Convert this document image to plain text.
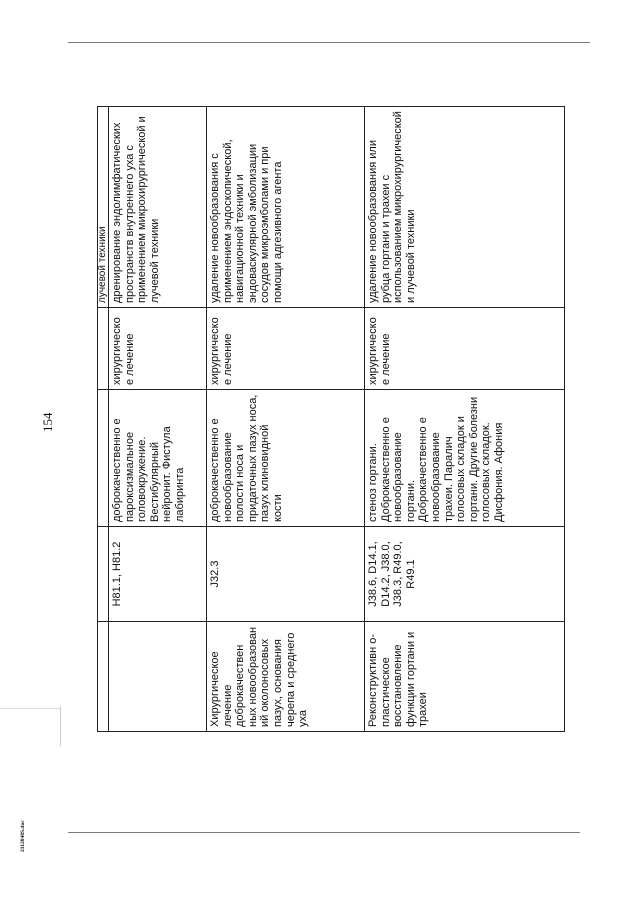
154
2112848S.doc
				лучевой техники
	H81.1, H81.2	доброкачественно е пароксизмальное головокружение. Вестибулярный нейронит. Фистула лабиринта	хирургическое лечение	дренирование эндолимфатических пространств внутреннего уха с применением микрохирургической и лучевой техники
Хирургическое лечение доброкачествен ных новообразован ий околоносовых пазух, основания черепа и среднего уха	J32.3	доброкачественно е новообразование полости носа и придаточных пазух носа, пазух клиновидной кости	хирургическое лечение	удаление новообразования с применением эндоскопической, навигационной техники и эндоваскулярной эмболизации сосудов микроэмболами и при помощи адгезивного агента
Реконструктивн о-пластическое восстановление функции гортани и трахеи	J38.6, D14.1, D14.2, J38.0, J38.3, R49.0, R49.1	стеноз гортани. Доброкачественно е новообразование гортани. Доброкачественно е новообразование трахеи. Паралич голосовых складок и гортани. Другие болезни голосовых складок. Дисфония. Афония	хирургическое лечение	удаление новообразования или рубца гортани и трахеи с использованием микрохирургической и лучевой техники
